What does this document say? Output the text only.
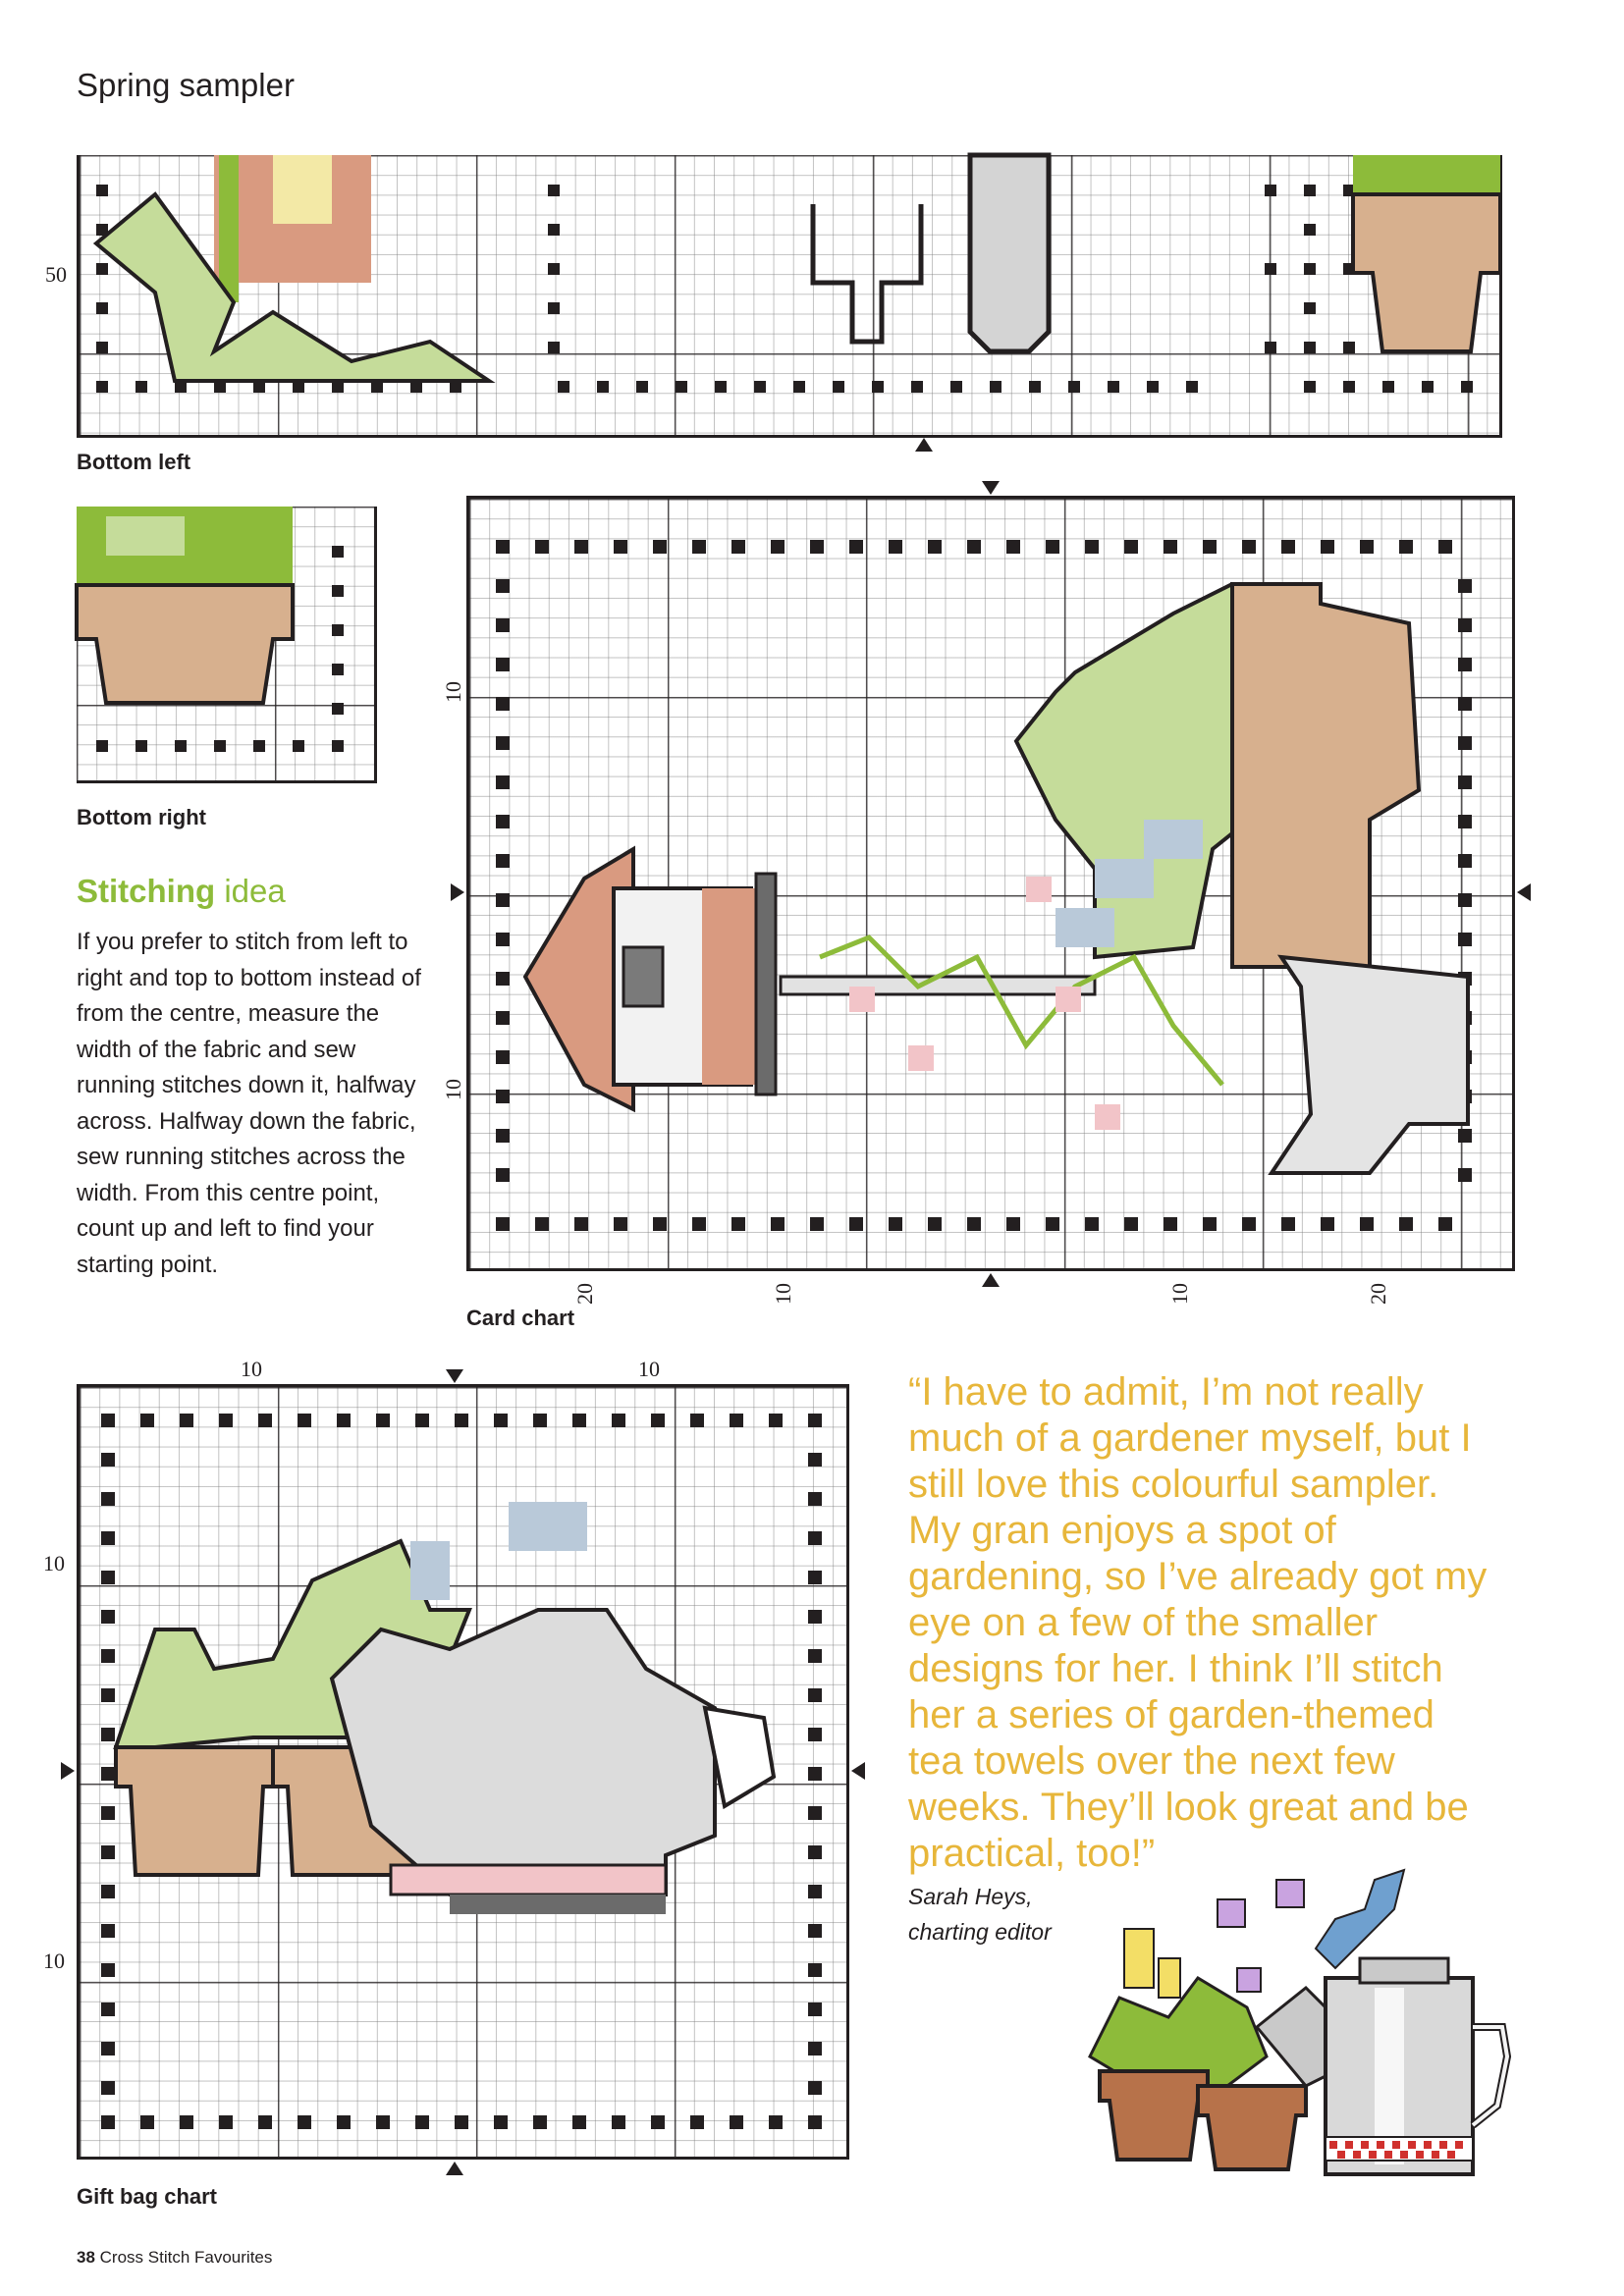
Spring sampler
50
Bottom left
Bottom right
10
10
20	10	10	20
Card chart
Stitching idea
If you prefer to stitch from left to right and top to bottom instead of from the centre, measure the width of the fabric and sew running stitches down it, halfway across. Halfway down the fabric, sew running stitches across the width. From this centre point, count up and left to find your starting point.
10	10
10
10
Gift bag chart
“I have to admit, I’m not really much of a gardener myself, but I still love this colourful sampler. My gran enjoys a spot of gardening, so I’ve already got my eye on a few of the smaller designs for her. I think I’ll stitch her a series of garden-themed tea towels over the next few weeks. They’ll look great and be practical, too!”
Sarah Heys,
charting editor
38 Cross Stitch Favourites
